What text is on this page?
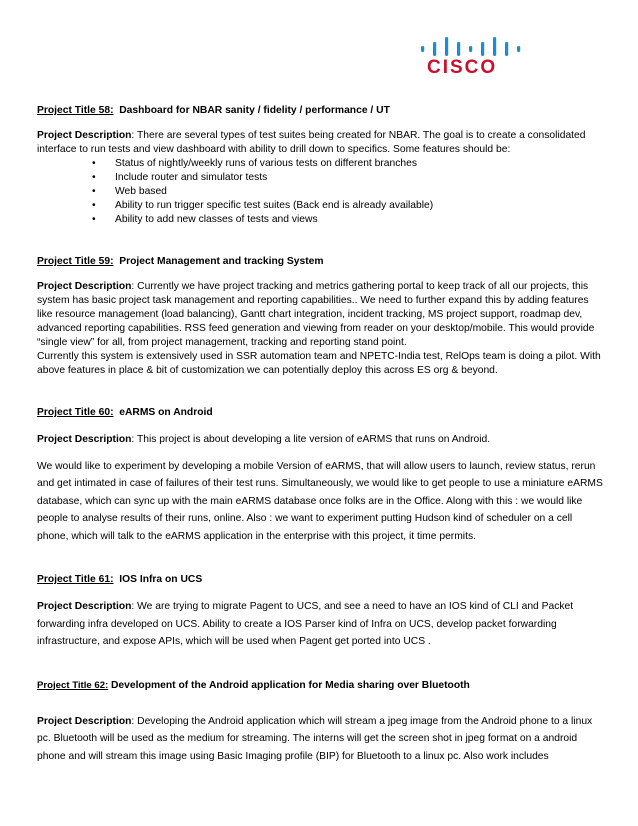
CISCO
Project Title 58: Dashboard for NBAR sanity / fidelity / performance / UT

Project Description: There are several types of test suites being created for NBAR. The goal is to create a consolidated interface to run tests and view dashboard with ability to drill down to specifics. Some features should be:

• Status of nightly/weekly runs of various tests on different branches
• Include router and simulator tests
• Web based
• Ability to run trigger specific test suites (Back end is already available)
• Ability to add new classes of tests and views
Project Title 59: Project Management and tracking System

Project Description: Currently we have project tracking and metrics gathering portal to keep track of all our projects, this system has basic project task management and reporting capabilities.. We need to further expand this by adding features like resource management (load balancing), Gantt chart integration, incident tracking, MS project support, roadmap dev, advanced reporting capabilities. RSS feed generation and viewing from reader on your desktop/mobile. This would provide “single view” for all, from project management, tracking and reporting stand point.

Currently this system is extensively used in SSR automation team and NPETC-India test, RelOps team is doing a pilot. With above features in place & bit of customization we can potentially deploy this across ES org & beyond.

Project Title 60: eARMS on Android

Project Description: This project is about developing a lite version of eARMS that runs on Android.

We would like to experiment by developing a mobile Version of eARMS, that will allow users to launch, review status, rerun and get intimated in case of failures of their test runs. Simultaneously, we would like to get people to use a miniature eARMS database, which can sync up with the main eARMS database once folks are in the Office. Along with this : we would like people to analyse results of their runs, online. Also : we want to experiment putting Hudson kind of scheduler on a cell phone, which will talk to the eARMS application in the enterprise with this project, it time permits.

Project Title 61: IOS Infra on UCS

Project Description: We are trying to migrate Pagent to UCS, and see a need to have an IOS kind of CLI and Packet forwarding infra developed on UCS. Ability to create a IOS Parser kind of Infra on UCS, develop packet forwarding infrastructure, and expose APIs, which will be used when Pagent get ported into UCS .

Project Title 62: Development of the Android application for Media sharing over Bluetooth

Project Description: Developing the Android application which will stream a jpeg image from the Android phone to a linux pc. Bluetooth will be used as the medium for streaming. The interns will get the screen shot in jpeg format on a android phone and will stream this image using Basic Imaging profile (BIP) for Bluetooth to a linux pc. Also work includes
